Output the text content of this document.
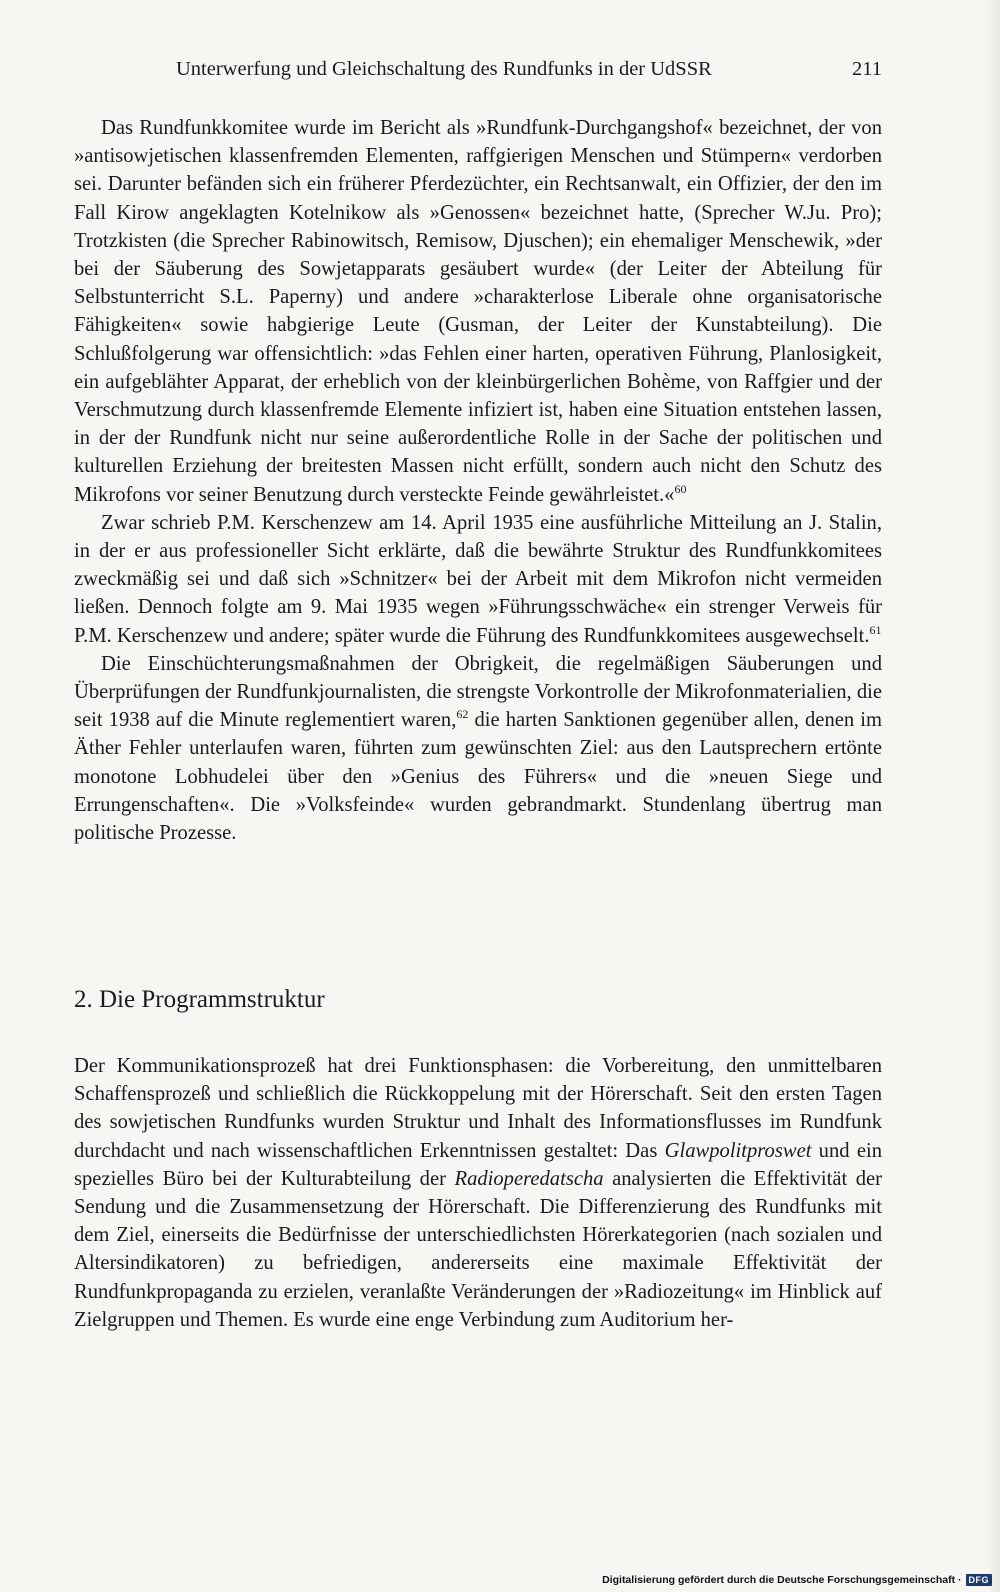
Unterwerfung und Gleichschaltung des Rundfunks in der UdSSR	211

Das Rundfunkkomitee wurde im Bericht als »Rundfunk-Durchgangshof« bezeichnet, der von »antisowjetischen klassenfremden Elementen, raffgierigen Menschen und Stümpern« verdorben sei. Darunter befänden sich ein früherer Pferdezüchter, ein Rechtsanwalt, ein Offizier, der den im Fall Kirow angeklagten Kotelnikow als »Genossen« bezeichnet hatte, (Sprecher W.Ju. Pro); Trotzkisten (die Sprecher Rabinowitsch, Remisow, Djuschen); ein ehemaliger Menschewik, »der bei der Säuberung des Sowjetapparats gesäubert wurde« (der Leiter der Abteilung für Selbstunterricht S.L. Paperny) und andere »charakterlose Liberale ohne organisatorische Fähigkeiten« sowie habgierige Leute (Gusman, der Leiter der Kunstabteilung). Die Schlußfolgerung war offensichtlich: »das Fehlen einer harten, operativen Führung, Planlosigkeit, ein aufgeblähter Apparat, der erheblich von der kleinbürgerlichen Bohème, von Raffgier und der Verschmutzung durch klassenfremde Elemente infiziert ist, haben eine Situation entstehen lassen, in der der Rundfunk nicht nur seine außerordentliche Rolle in der Sache der politischen und kulturellen Erziehung der breitesten Massen nicht erfüllt, sondern auch nicht den Schutz des Mikrofons vor seiner Benutzung durch versteckte Feinde gewährleistet.«$^{60}$

Zwar schrieb P.M. Kerschenzew am 14. April 1935 eine ausführliche Mitteilung an J. Stalin, in der er aus professioneller Sicht erklärte, daß die bewährte Struktur des Rundfunkkomitees zweckmäßig sei und daß sich »Schnitzer« bei der Arbeit mit dem Mikrofon nicht vermeiden ließen. Dennoch folgte am 9. Mai 1935 wegen »Führungsschwäche« ein strenger Verweis für P.M. Kerschenzew und andere; später wurde die Führung des Rundfunkkomitees ausgewechselt.$^{61}$

Die Einschüchterungsmaßnahmen der Obrigkeit, die regelmäßigen Säuberungen und Überprüfungen der Rundfunkjournalisten, die strengste Vorkontrolle der Mikrofonmaterialien, die seit 1938 auf die Minute reglementiert waren,$^{62}$ die harten Sanktionen gegenüber allen, denen im Äther Fehler unterlaufen waren, führten zum gewünschten Ziel: aus den Lautsprechern ertönte monotone Lobhudelei über den »Genius des Führers« und die »neuen Siege und Errungenschaften«. Die »Volksfeinde« wurden gebrandmarkt. Stundenlang übertrug man politische Prozesse.

2. Die Programmstruktur

Der Kommunikationsprozeß hat drei Funktionsphasen: die Vorbereitung, den unmittelbaren Schaffensprozeß und schließlich die Rückkoppelung mit der Hörerschaft. Seit den ersten Tagen des sowjetischen Rundfunks wurden Struktur und Inhalt des Informationsflusses im Rundfunk durchdacht und nach wissenschaftlichen Erkenntnissen gestaltet: Das Glawpolitproswet und ein spezielles Büro bei der Kulturabteilung der Radioperedatscha analysierten die Effektivität der Sendung und die Zusammensetzung der Hörerschaft. Die Differenzierung des Rundfunks mit dem Ziel, einerseits die Bedürfnisse der unterschiedlichsten Hörerkategorien (nach sozialen und Altersindikatoren) zu befriedigen, andererseits eine maximale Effektivität der Rundfunkpropaganda zu erzielen, veranlaßte Veränderungen der »Radiozeitung« im Hinblick auf Zielgruppen und Themen. Es wurde eine enge Verbindung zum Auditorium her-

Digitalisierung gefördert durch die Deutsche Forschungsgemeinschaft · DFG
